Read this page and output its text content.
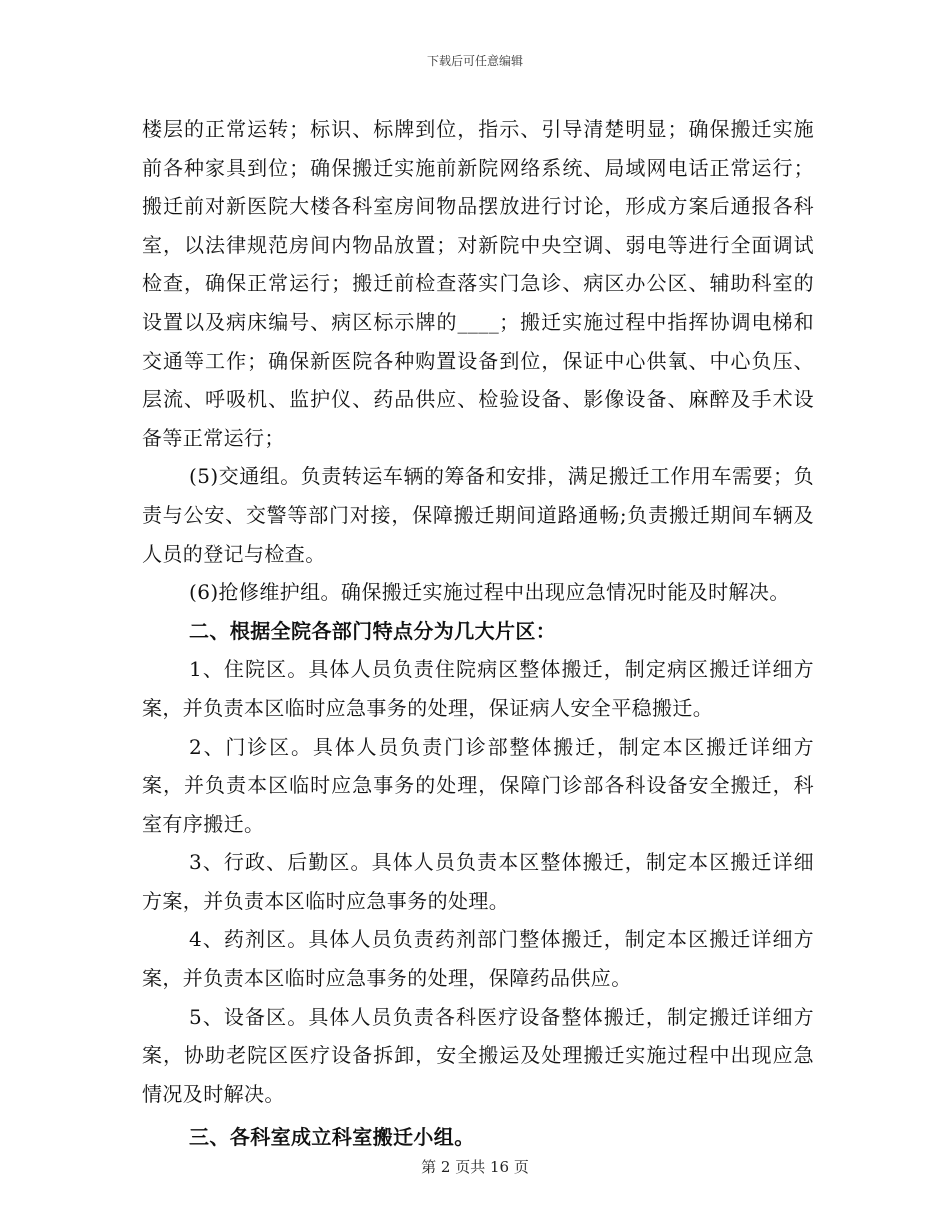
下载后可任意编辑

楼层的正常运转；标识、标牌到位，指示、引导清楚明显；确保搬迁实施前各种家具到位；确保搬迁实施前新院网络系统、局域网电话正常运行；搬迁前对新医院大楼各科室房间物品摆放进行讨论，形成方案后通报各科室，以法律规范房间内物品放置；对新院中央空调、弱电等进行全面调试检查，确保正常运行；搬迁前检查落实门急诊、病区办公区、辅助科室的设置以及病床编号、病区标示牌的____；搬迁实施过程中指挥协调电梯和交通等工作；确保新医院各种购置设备到位，保证中心供氧、中心负压、层流、呼吸机、监护仪、药品供应、检验设备、影像设备、麻醉及手术设备等正常运行；

(5)交通组。负责转运车辆的筹备和安排，满足搬迁工作用车需要；负责与公安、交警等部门对接，保障搬迁期间道路通畅;负责搬迁期间车辆及人员的登记与检查。

(6)抢修维护组。确保搬迁实施过程中出现应急情况时能及时解决。

二、根据全院各部门特点分为几大片区：

1、住院区。具体人员负责住院病区整体搬迁，制定病区搬迁详细方案，并负责本区临时应急事务的处理，保证病人安全平稳搬迁。

2、门诊区。具体人员负责门诊部整体搬迁，制定本区搬迁详细方案，并负责本区临时应急事务的处理，保障门诊部各科设备安全搬迁，科室有序搬迁。

3、行政、后勤区。具体人员负责本区整体搬迁，制定本区搬迁详细方案，并负责本区临时应急事务的处理。

4、药剂区。具体人员负责药剂部门整体搬迁，制定本区搬迁详细方案，并负责本区临时应急事务的处理，保障药品供应。

5、设备区。具体人员负责各科医疗设备整体搬迁，制定搬迁详细方案，协助老院区医疗设备拆卸，安全搬运及处理搬迁实施过程中出现应急情况及时解决。

三、各科室成立科室搬迁小组。

第 2 页共 16 页
